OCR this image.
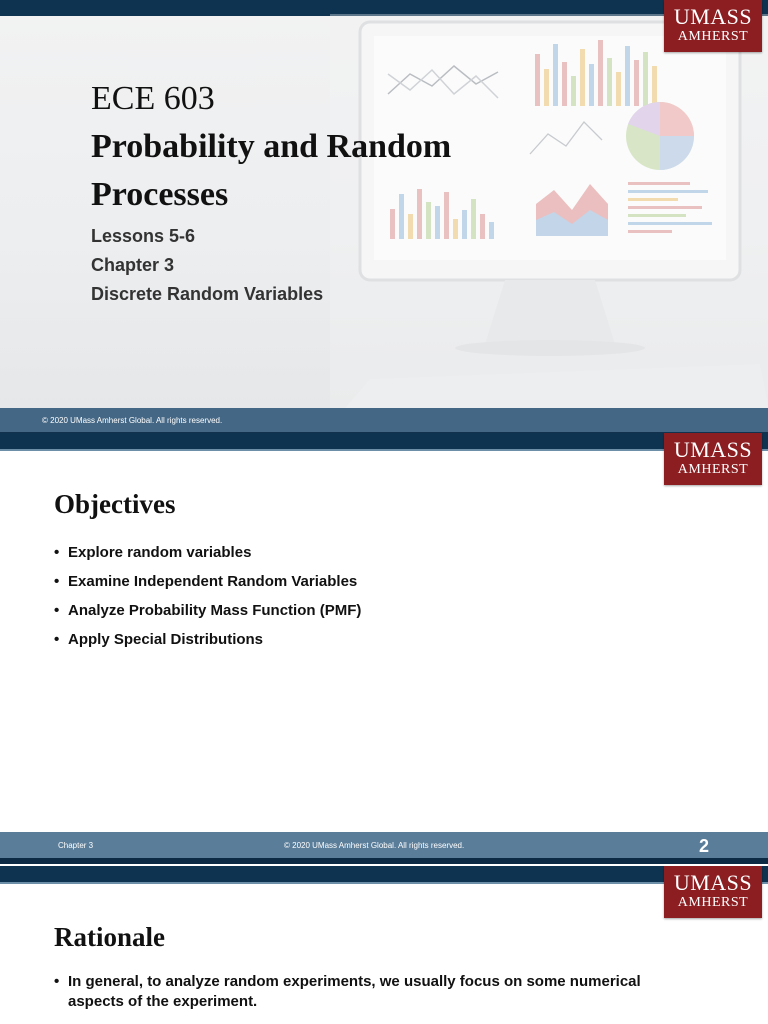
UMASS
AMHERST
ECE 603
Probability and Random
Processes
Lessons 5-6
Chapter 3
Discrete Random Variables
© 2020 UMass Amherst Global. All rights reserved.
UMASS
AMHERST
Objectives
• Explore random variables
• Examine Independent Random Variables
• Analyze Probability Mass Function (PMF)
• Apply Special Distributions
Chapter 3	© 2020 UMass Amherst Global. All rights reserved.	2
UMASS
AMHERST
Rationale
• In general, to analyze random experiments, we usually focus on some numerical aspects of the experiment.
